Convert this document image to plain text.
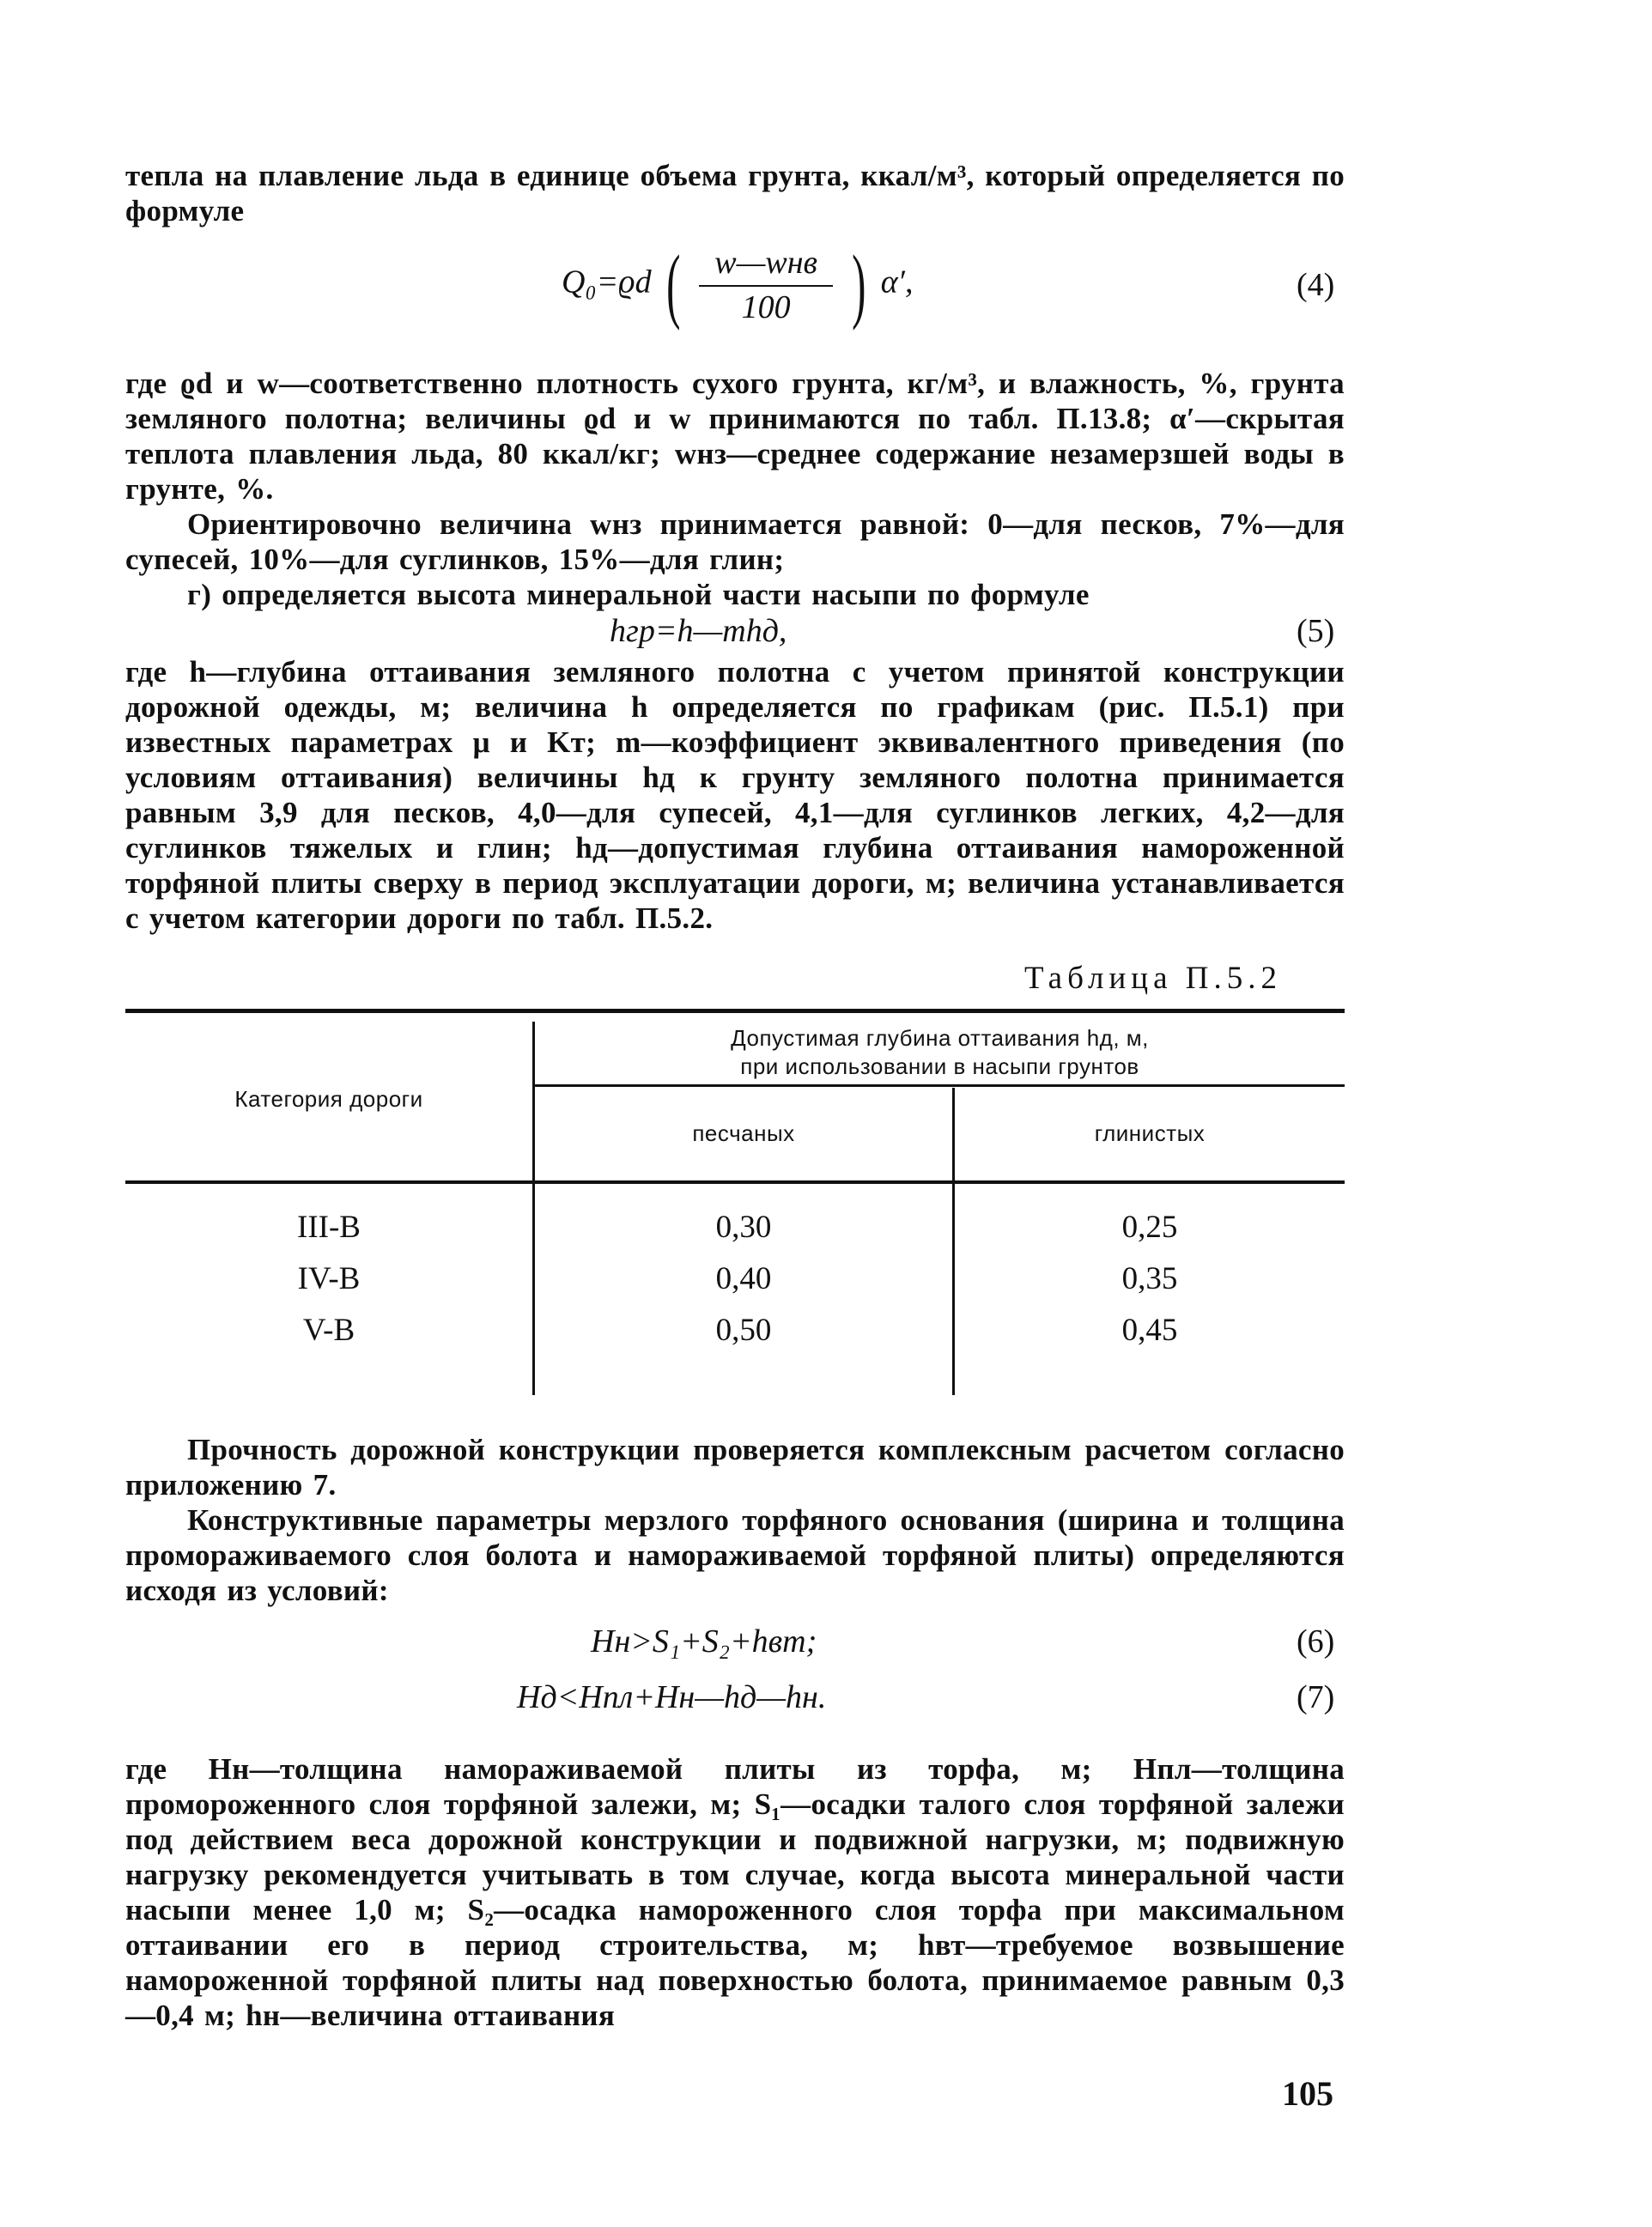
тепла на плавление льда в единице объема грунта, ккал/м³, который определяется по формуле

Q₀=ϱd ( $\frac{\text{w—wнв}}{100}$ ) α′,	(4)

где ϱd и w—соответственно плотность сухого грунта, кг/м³, и влажность, %, грунта земляного полотна; величины ϱd и w принимаются по табл. П.13.8; α′—скрытая теплота плавления льда, 80 ккал/кг; wнз—среднее содержание незамерзшей воды в грунте, %.

Ориентировочно величина wнз принимается равной: 0—для песков, 7%—для супесей, 10%—для суглинков, 15%—для глин;

г) определяется высота минеральной части насыпи по формуле

hгр=h—mhд,	(5)

где h—глубина оттаивания земляного полотна с учетом принятой конструкции дорожной одежды, м; величина h определяется по графикам (рис. П.5.1) при известных параметрах μ и Kт; m—коэффициент эквивалентного приведения (по условиям оттаивания) величины hд к грунту земляного полотна принимается равным 3,9 для песков, 4,0—для супесей, 4,1—для суглинков легких, 4,2—для суглинков тяжелых и глин; hд—допустимая глубина оттаивания намороженной торфяной плиты сверху в период эксплуатации дороги, м; величина устанавливается с учетом категории дороги по табл. П.5.2.

Таблица П.5.2
Категория дороги
Допустимая глубина оттаивания hд, м,
при использовании в насыпи грунтов
песчаных	глинистых
III-В	0,30	0,25
IV-В	0,40	0,35
V-В	0,50	0,45

Прочность дорожной конструкции проверяется комплексным расчетом согласно приложению 7.

Конструктивные параметры мерзлого торфяного основания (ширина и толщина промораживаемого слоя болота и намораживаемой торфяной плиты) определяются исходя из условий:

Hн>S₁+S₂+hвт;	(6)
Hд<Hпл+Hн—hд—hн.	(7)

где Hн—толщина намораживаемой плиты из торфа, м; Hпл—толщина промороженного слоя торфяной залежи, м; S₁—осадки талого слоя торфяной залежи под действием веса дорожной конструкции и подвижной нагрузки, м; подвижную нагрузку рекомендуется учитывать в том случае, когда высота минеральной части насыпи менее 1,0 м; S₂—осадка намороженного слоя торфа при максимальном оттаивании его в период строительства, м; hвт—требуемое возвышение намороженной торфяной плиты над поверхностью болота, принимаемое равным 0,3—0,4 м; hн—величина оттаивания

105
